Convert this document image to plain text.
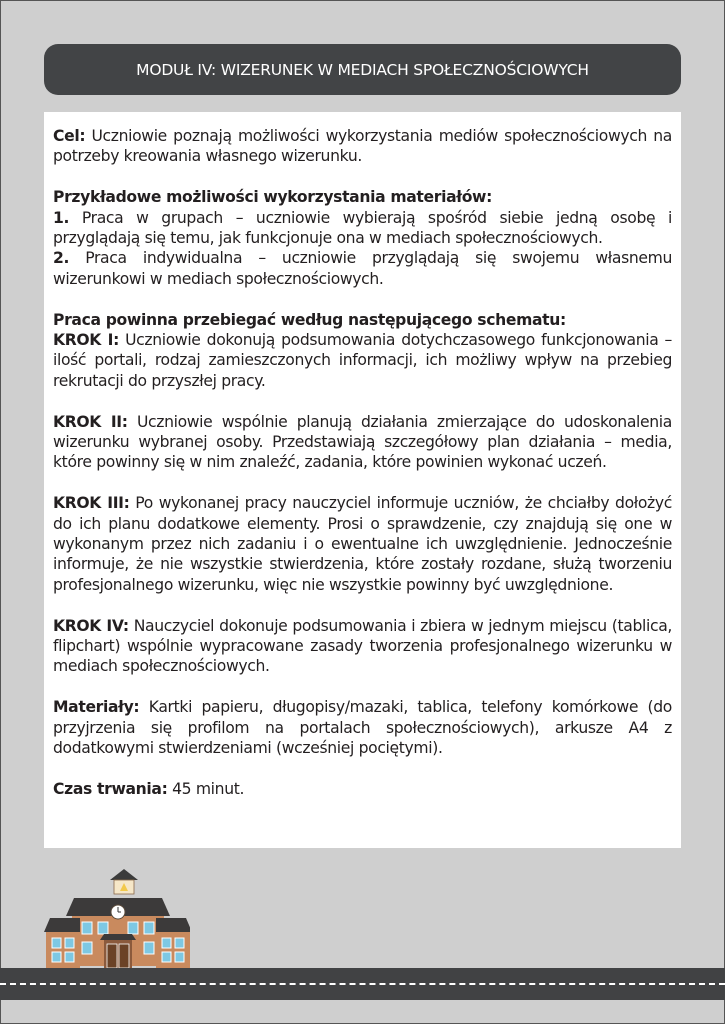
MODUŁ IV: WIZERUNEK W MEDIACH SPOŁECZNOŚCIOWYCH

Cel: Uczniowie poznają możliwości wykorzystania mediów społecznościowych na potrzeby kreowania własnego wizerunku.

Przykładowe możliwości wykorzystania materiałów:

1. Praca w grupach – uczniowie wybierają spośród siebie jedną osobę i przyglądają się temu, jak funkcjonuje ona w mediach społecznościowych.

2. Praca indywidualna – uczniowie przyglądają się swojemu własnemu wizerunkowi w mediach społecznościowych.

Praca powinna przebiegać według następującego schematu:

KROK I: Uczniowie dokonują podsumowania dotychczasowego funkcjonowania – ilość portali, rodzaj zamieszczonych informacji, ich możliwy wpływ na przebieg rekrutacji do przyszłej pracy.

KROK II: Uczniowie wspólnie planują działania zmierzające do udoskonalenia wizerunku wybranej osoby. Przedstawiają szczegółowy plan działania – media, które powinny się w nim znaleźć, zadania, które powinien wykonać uczeń.

KROK III: Po wykonanej pracy nauczyciel informuje uczniów, że chciałby dołożyć do ich planu dodatkowe elementy. Prosi o sprawdzenie, czy znajdują się one w wykonanym przez nich zadaniu i o ewentualne ich uwzględnienie. Jednocześnie informuje, że nie wszystkie stwierdzenia, które zostały rozdane, służą tworzeniu profesjonalnego wizerunku, więc nie wszystkie powinny być uwzględnione.

KROK IV: Nauczyciel dokonuje podsumowania i zbiera w jednym miejscu (tablica, flipchart) wspólnie wypracowane zasady tworzenia profesjonalnego wizerunku w mediach społecznościowych.

Materiały: Kartki papieru, długopisy/mazaki, tablica, telefony komórkowe (do przyjrzenia się profilom na portalach społecznościowych), arkusze A4 z dodatkowymi stwierdzeniami (wcześniej pociętymi).

Czas trwania: 45 minut.
